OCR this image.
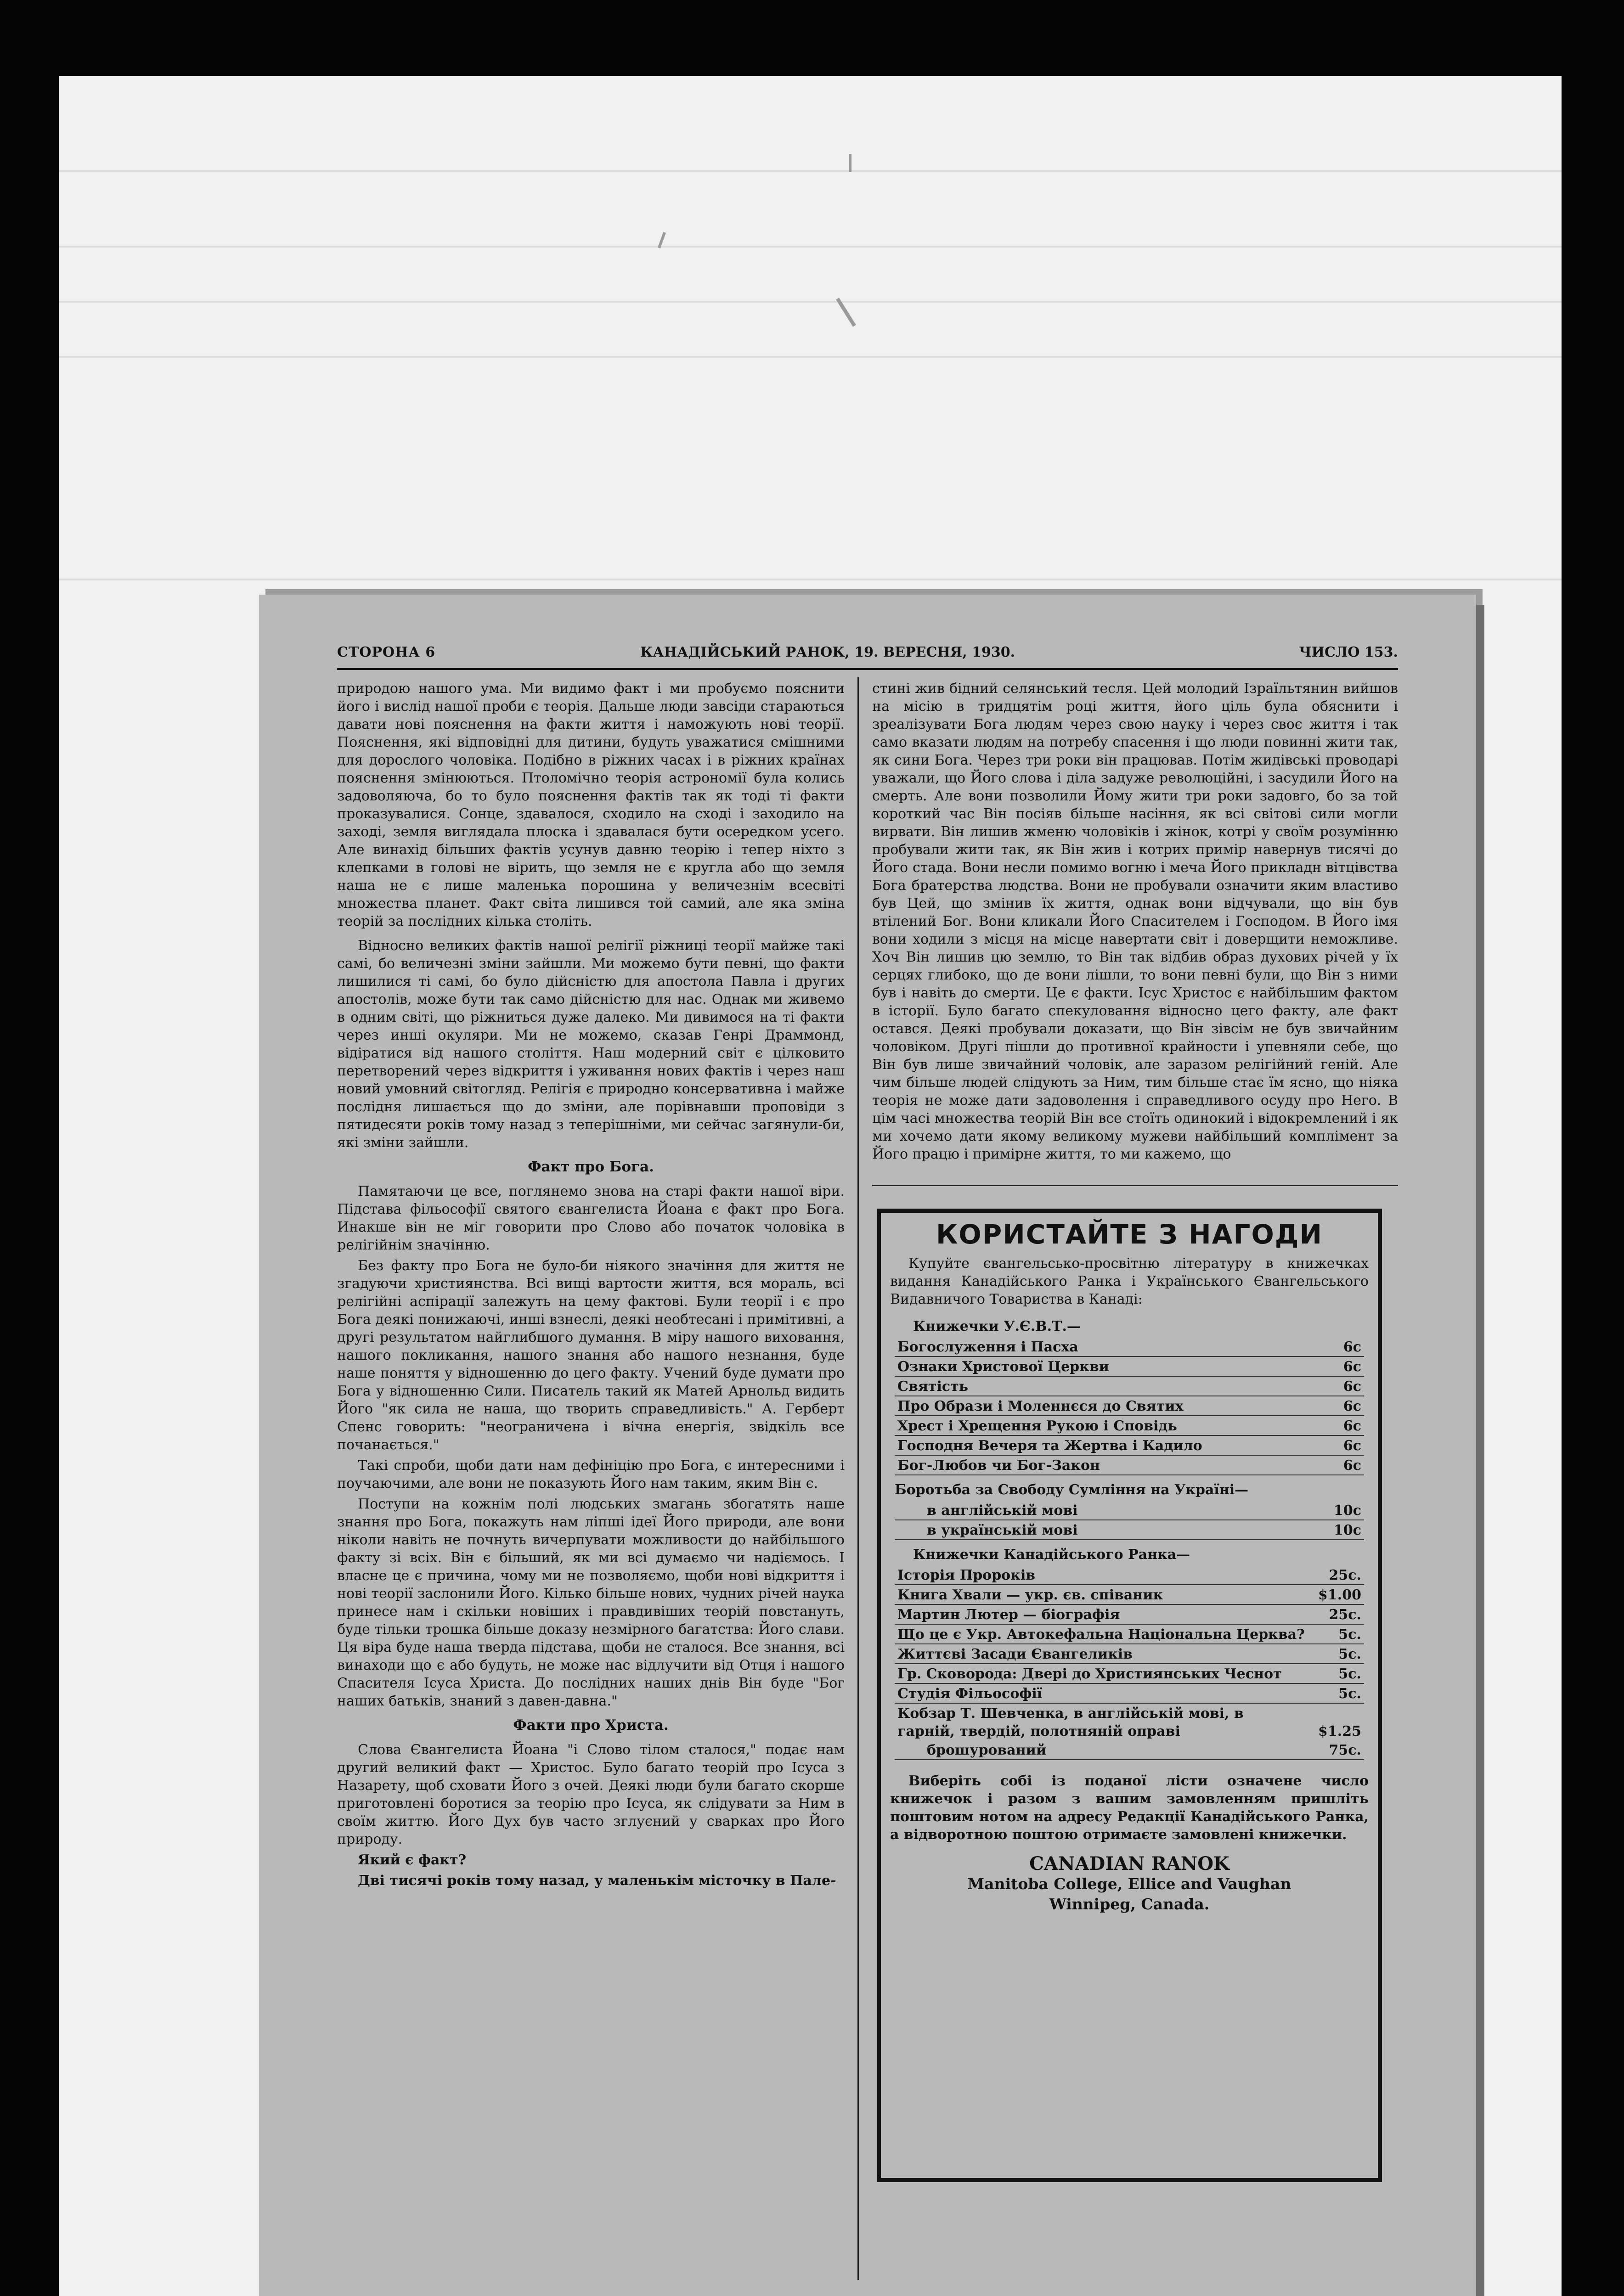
СТОРОНА 6	КАНАДІЙСЬКИЙ РАНОК, 19. ВЕРЕСНЯ, 1930.	ЧИСЛО 153.

природою нашого ума. Ми видимо факт і ми пробуємо пояснити його і вислід нашої проби є теорія. Дальше люди завсіди стараються давати нові пояснення на факти життя і наможують нові теорії. Пояснення, які відповідні для дитини, будуть уважатися смішними для дорослого чоловіка. Подібно в ріжних часах і в ріжних країнах пояснення змінюються. Птоломічно теорія астрономії була колись задоволяюча, бо то було пояснення фактів так як тоді ті факти проказувалися. Сонце, здавалося, сходило на сході і заходило на заході, земля виглядала плоска і здавалася бути осередком усего. Але винахід більших фактів усунув давню теорію і тепер ніхто з клепками в голові не вірить, що земля не є кругла або що земля наша не є лише маленька порошина у величезнім всесвіті множества планет. Факт світа лишився той самий, але яка зміна теорій за послідних кілька століть.

Відносно великих фактів нашої релігії ріжниці теорії майже такі самі, бо величезні зміни зайшли. Ми можемо бути певні, що факти лишилися ті самі, бо було дійсністю для апостола Павла і других апостолів, може бути так само дійсністю для нас. Однак ми живемо в одним світі, що ріжниться дуже далеко. Ми дивимося на ті факти через инші окуляри. Ми не можемо, сказав Генрі Драммонд, відіратися від нашого століття. Наш модерний світ є цілковито перетворений через відкриття і уживання нових фактів і через наш новий умовний світогляд. Релігія є природно консервативна і майже послідня лишається що до зміни, але порівнавши проповіди з пятидесяти років тому назад з теперішніми, ми сейчас загянули-би, які зміни зайшли.

Факт про Бога.

Памятаючи це все, поглянемо знова на старі факти нашої віри. Підстава фільософії святого євангелиста Йоана є факт про Бога. Инакше він не міг говорити про Слово або початок чоловіка в релігійнім значінню.

Без факту про Бога не було-би ніякого значіння для життя не згадуючи християнства. Всі вищі вартости життя, вся мораль, всі релігійні аспірації залежуть на цему фактові. Були теорії і є про Бога деякі понижаючі, инші взнеслі, деякі необтесані і примітивні, а другі результатом найглибшого думання. В міру нашого виховання, нашого покликання, нашого знання або нашого незнання, буде наше поняття у відношенню до цего факту. Учений буде думати про Бога у відношенню Сили. Писатель такий як Матей Арнольд видить Його "як сила не наша, що творить справедливість." А. Герберт Спенс говорить: "неограничена і вічна енергія, звідкіль все почанається."

Такі спроби, щоби дати нам дефініцію про Бога, є интересними і поучаючими, але вони не показують Його нам таким, яким Він є.

Поступи на кожнім полі людських змагань збогатять наше знання про Бога, покажуть нам ліпші ідеї Його природи, але вони ніколи навіть не почнуть вичерпувати можливости до найбільшого факту зі всіх. Він є більший, як ми всі думаємо чи надіємось. І власне це є причина, чому ми не позволяємо, щоби нові відкриття і нові теорії заслонили Його. Кілько більше нових, чудних річей наука принесе нам і скільки новіших і правдивіших теорій повстануть, буде тільки трошка більше доказу незмірного багатства: Його слави. Ця віра буде наша тверда підстава, щоби не сталося. Все знання, всі винаходи що є або будуть, не може нас відлучити від Отця і нашого Спасителя Ісуса Христа. До послідних наших днів Він буде "Бог наших батьків, знаний з давен-давна."

Факти про Христа.

Слова Євангелиста Йоана "і Слово тілом сталося," подає нам другий великий факт — Христос. Було багато теорій про Ісуса з Назарету, щоб сховати Його з очей. Деякі люди були багато скорше приготовлені боротися за теорію про Ісуса, як слідувати за Ним в своїм життю. Його Дух був часто зглуєний у сварках про Його природу.

Який є факт?

Дві тисячі років тому назад, у маленькім місточку в Пале-

стині жив бідний селянський тесля. Цей молодий Ізраїльтянин вийшов на місію в тридцятім році життя, його ціль була обяснити і зреалізувати Бога людям через свою науку і через своє життя і так само вказати людям на потребу спасення і що люди повинні жити так, як сини Бога. Через три роки він працював. Потім жидівські проводарі уважали, що Його слова і діла задуже революційні, і засудили Його на смерть. Але вони позволили Йому жити три роки задовго, бо за той короткий час Він посіяв більше насіння, як всі світові сили могли вирвати. Він лишив жменю чоловіків і жінок, котрі у своїм розумінню пробували жити так, як Він жив і котрих приміp навернув тисячі до Його стада. Вони несли помимо вогню і меча Його прикладн вітцівства Бога братерства людства. Вони не пробували означити яким властиво був Цей, що змінив їх життя, однак вони відчували, що він був втілений Бог. Вони кликали Його Спасителем і Господом. В Його імя вони ходили з місця на місце навертати світ і доверщити неможливе. Хоч Він лишив цю землю, то Він так відбив образ духових річей у їх серцях глибоко, що де вони лішли, то вони певні були, що Він з ними був і навіть до смерти. Це є факти. Ісус Христос є найбільшим фактом в історії. Було багато спекуловання відносно цего факту, але факт остався. Деякі пробували доказати, що Він зівсім не був звичайним чоловіком. Другі пішли до противної крайности і упевняли себе, що Він був лише звичайний чоловік, але заразом релігійний геній. Але чим більше людей слідують за Ним, тим більше стає їм ясно, що ніяка теорія не може дати задоволення і справедливого осуду про Него. В цім часі множества теорій Він все стоїть одинокий і відокремлений і як ми хочемо дати якому великому мужеви найбільший комплімент за Його працю і приміpне життя, то ми кажемо, що

КОРИСТАЙТЕ З НАГОДИ
Купуйте євангельсько-просвітню літературу в книжечках видання Канадійського Ранка і Українського Євангельського Видавничого Товариства в Канаді:
Книжечки У.Є.В.Т.—
Богослуження і Пасха	6c
Ознаки Христової Церкви	6c
Святість	6c
Про Образи і Моленнєся до Святих	6c
Хрест і Хрещення Рукою і Сповідь	6c
Господня Вечеря та Жертва і Кадило	6c
Бог-Любов чи Бог-Закон	6c
Боротьба за Свободу Сумління на Україні—
в англійській мові	10c
в українській мові	10c
Книжечки Канадійського Ранка—
Історія Пророків	25c.
Книга Хвали — укр. єв. співаник	$1.00
Мартин Лютер — біографія	25c.
Що це є Укр. Автокефальна Національна Церква? 5c.
Життєві Засади Євангеликів	5c.
Гр. Сковорода: Двері до Християнських Чеснот	5c.
Студія Фільософії	5c.
Кобзар Т. Шевченка, в англійській мові, в гарній, твердій, полотняній оправі	$1.25
брошурований	75c.
Виберіть собі із поданої лісти означене число книжечок і разом з вашим замовленням пришліть поштовим нотом на адресу Редакції Канадійського Ранка, а відворотною поштою отримаєте замовлені книжечки.
CANADIAN RANOK
Manitoba College, Ellice and Vaughan
Winnipeg, Canada.
